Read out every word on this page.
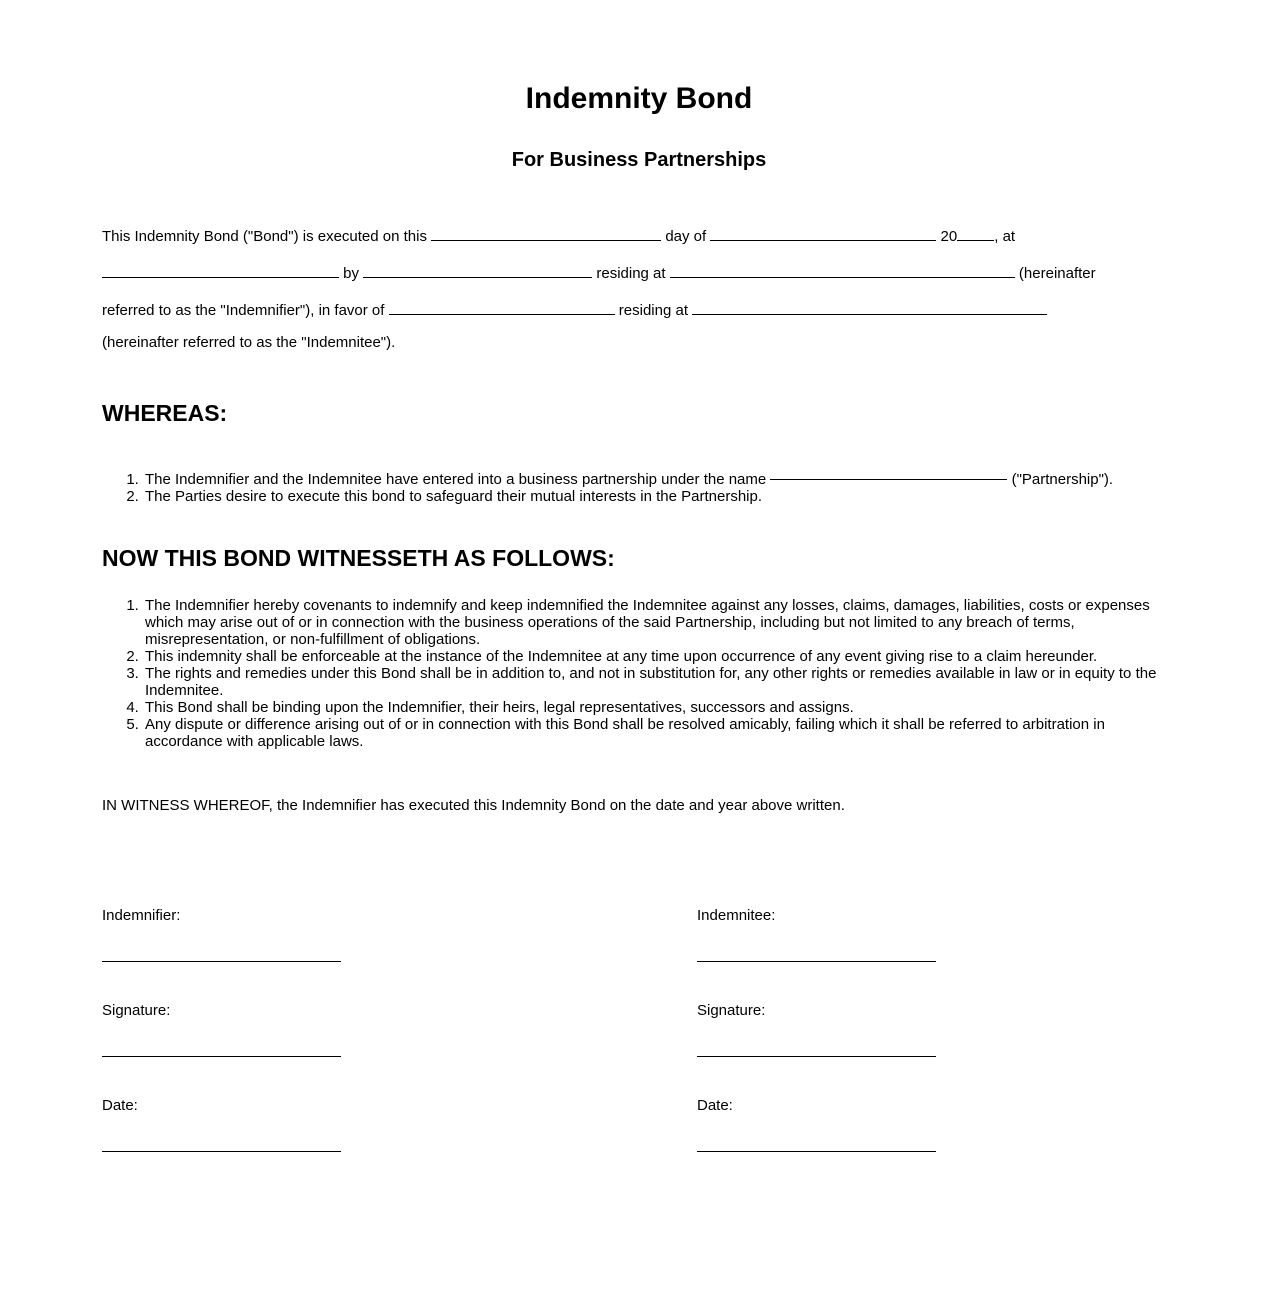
Indemnity Bond
For Business Partnerships
This Indemnity Bond ("Bond") is executed on this	day of	20 , at
by	residing at	(hereinafter
referred to as the "Indemnifier"), in favor of	residing at
(hereinafter referred to as the "Indemnitee").
WHEREAS:
1. The Indemnifier and the Indemnitee have entered into a business partnership under the name	("Partnership").
2. The Parties desire to execute this bond to safeguard their mutual interests in the Partnership.
NOW THIS BOND WITNESSETH AS FOLLOWS:
1. The Indemnifier hereby covenants to indemnify and keep indemnified the Indemnitee against any losses, claims, damages, liabilities, costs or expenses which may arise out of or in connection with the business operations of the said Partnership, including but not limited to any breach of terms, misrepresentation, or non-fulfillment of obligations.
2. This indemnity shall be enforceable at the instance of the Indemnitee at any time upon occurrence of any event giving rise to a claim hereunder.
3. The rights and remedies under this Bond shall be in addition to, and not in substitution for, any other rights or remedies available in law or in equity to the Indemnitee.
4. This Bond shall be binding upon the Indemnifier, their heirs, legal representatives, successors and assigns.
5. Any dispute or difference arising out of or in connection with this Bond shall be resolved amicably, failing which it shall be referred to arbitration in accordance with applicable laws.

IN WITNESS WHEREOF, the Indemnifier has executed this Indemnity Bond on the date and year above written.

Indemnifier:
Signature:
Date:
Indemnitee:
Signature:
Date:
